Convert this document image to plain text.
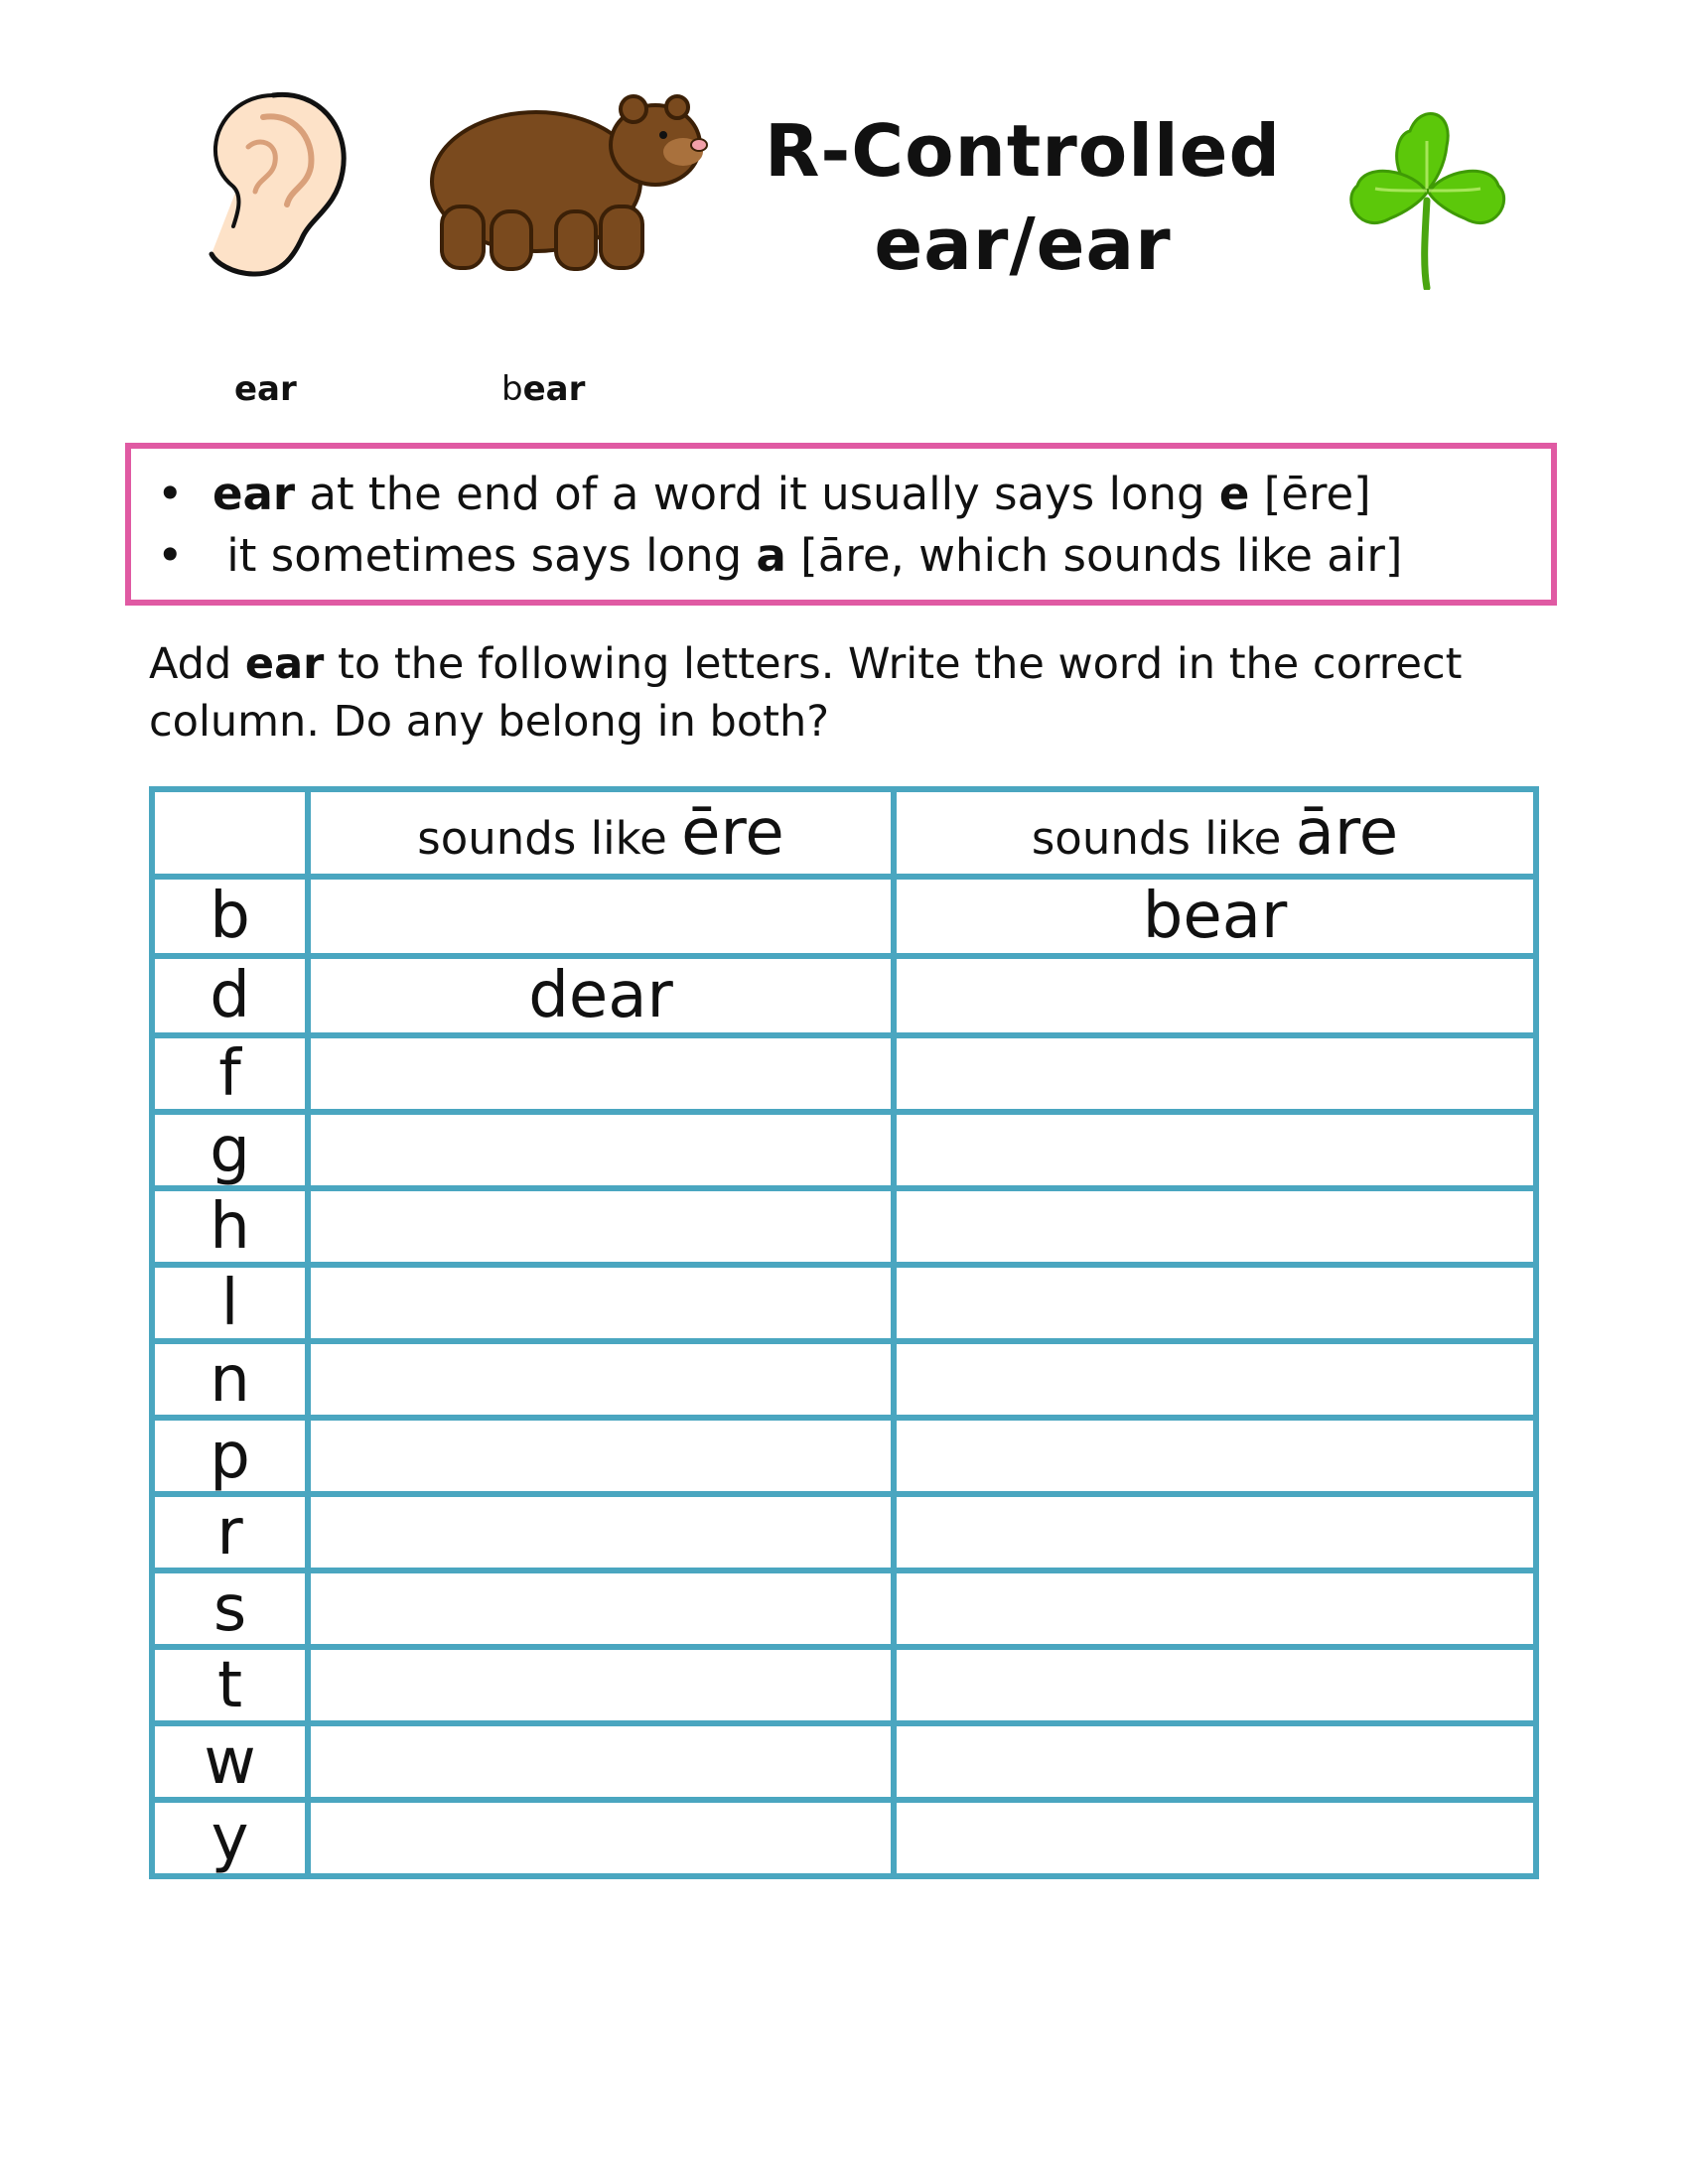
R-Controlled
ear/ear
ear	bear
• ear at the end of a word it usually says long e [ēre]
• it sometimes says long a [āre, which sounds like air]
Add ear to the following letters. Write the word in the correct column. Do any belong in both?
	sounds like ēre	sounds like āre
b		bear
d	dear	
f		
g		
h		
l		
n		
p		
r		
s		
t		
w		
y		
